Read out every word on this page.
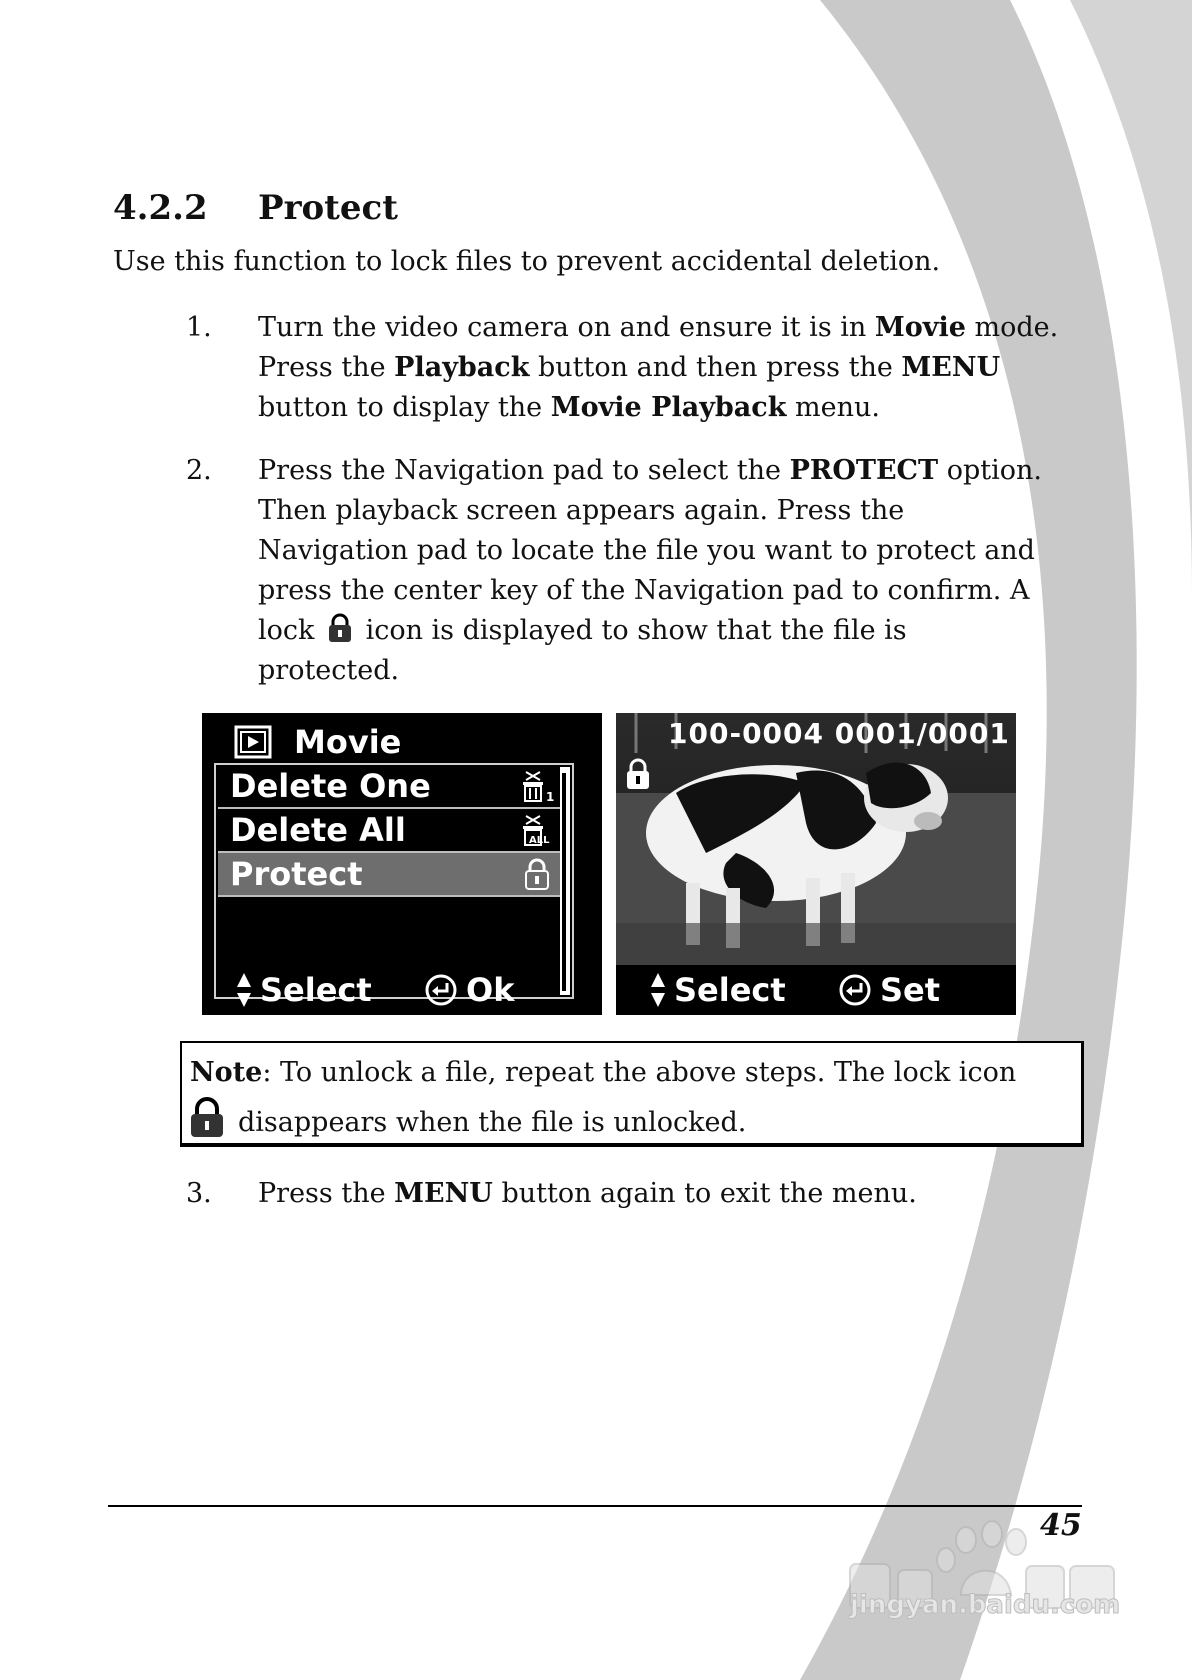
4.2.2 Protect
Use this function to lock files to prevent accidental deletion.
1. Turn the video camera on and ensure it is in Movie mode.
Press the Playback button and then press the MENU
button to display the Movie Playback menu.
2. Press the Navigation pad to select the PROTECT option.
Then playback screen appears again. Press the
Navigation pad to locate the file you want to protect and
press the center key of the Navigation pad to confirm. A
lock icon is displayed to show that the file is
protected.
Movie
Delete One	1
Delete All	ALL
Protect
Select	Ok
100-0004 0001/0001
Select	Set
Note: To unlock a file, repeat the above steps. The lock icon
disappears when the file is unlocked.
3. Press the MENU button again to exit the menu.
45
jingyan.baidu.com
